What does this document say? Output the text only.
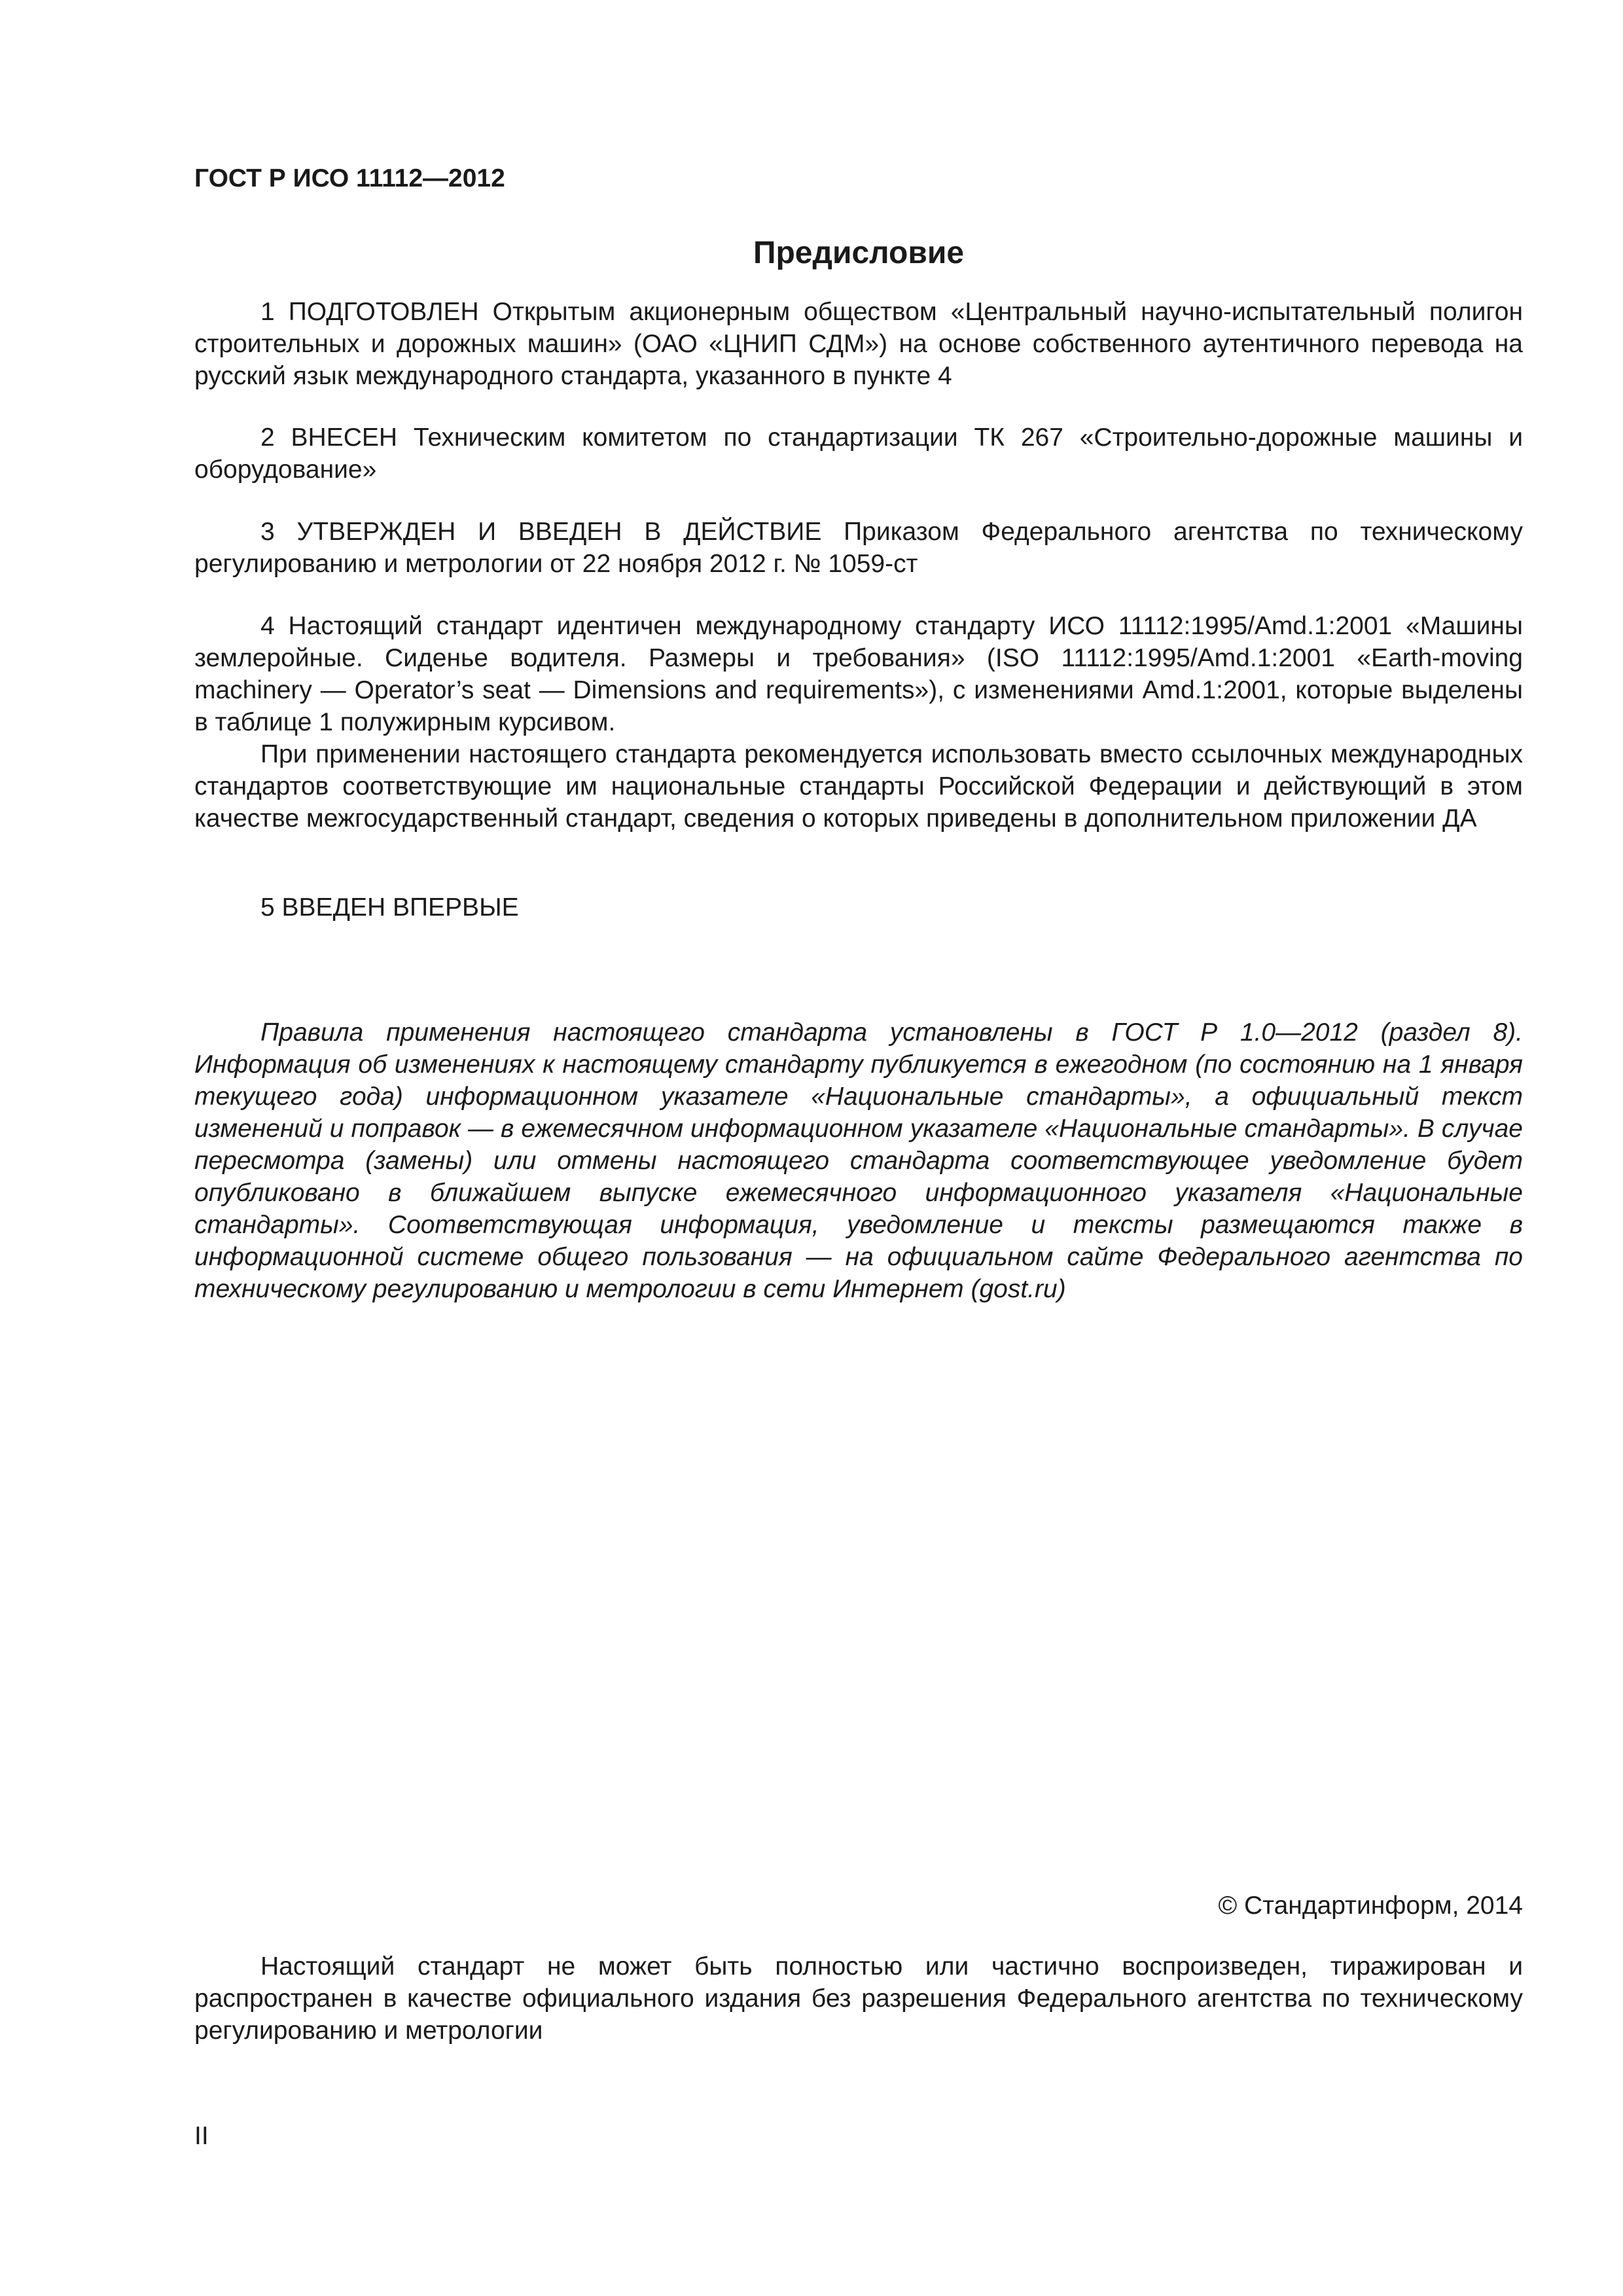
ГОСТ Р ИСО 11112—2012
Предисловие

1 ПОДГОТОВЛЕН Открытым акционерным обществом «Центральный научно-испытательный полигон строительных и дорожных машин» (ОАО «ЦНИП СДМ») на основе собственного аутентичного перевода на русский язык международного стандарта, указанного в пункте 4

2 ВНЕСЕН Техническим комитетом по стандартизации ТК 267 «Строительно-дорожные машины и оборудование»

3 УТВЕРЖДЕН И ВВЕДЕН В ДЕЙСТВИЕ Приказом Федерального агентства по техническому регулированию и метрологии от 22 ноября 2012 г. № 1059-ст

4 Настоящий стандарт идентичен международному стандарту ИСО 11112:1995/Amd.1:2001 «Машины землеройные. Сиденье водителя. Размеры и требования» (ISO 11112:1995/Amd.1:2001 «Earth-moving machinery — Operator’s seat — Dimensions and requirements»), с изменениями Amd.1:2001, которые выделены в таблице 1 полужирным курсивом.

При применении настоящего стандарта рекомендуется использовать вместо ссылочных международных стандартов соответствующие им национальные стандарты Российской Федерации и действующий в этом качестве межгосударственный стандарт, сведения о которых приведены в дополнительном приложении ДА

5 ВВЕДЕН ВПЕРВЫЕ

Правила применения настоящего стандарта установлены в ГОСТ Р 1.0—2012 (раздел 8). Информация об изменениях к настоящему стандарту публикуется в ежегодном (по состоянию на 1 января текущего года) информационном указателе «Национальные стандарты», а официальный текст изменений и поправок — в ежемесячном информационном указателе «Национальные стандарты». В случае пересмотра (замены) или отмены настоящего стандарта соответствующее уведомление будет опубликовано в ближайшем выпуске ежемесячного информационного указателя «Национальные стандарты». Соответствующая информация, уведомление и тексты размещаются также в информационной системе общего пользования — на официальном сайте Федерального агентства по техническому регулированию и метрологии в сети Интернет (gost.ru)

© Стандартинформ, 2014

Настоящий стандарт не может быть полностью или частично воспроизведен, тиражирован и распространен в качестве официального издания без разрешения Федерального агентства по техническому регулированию и метрологии

II
